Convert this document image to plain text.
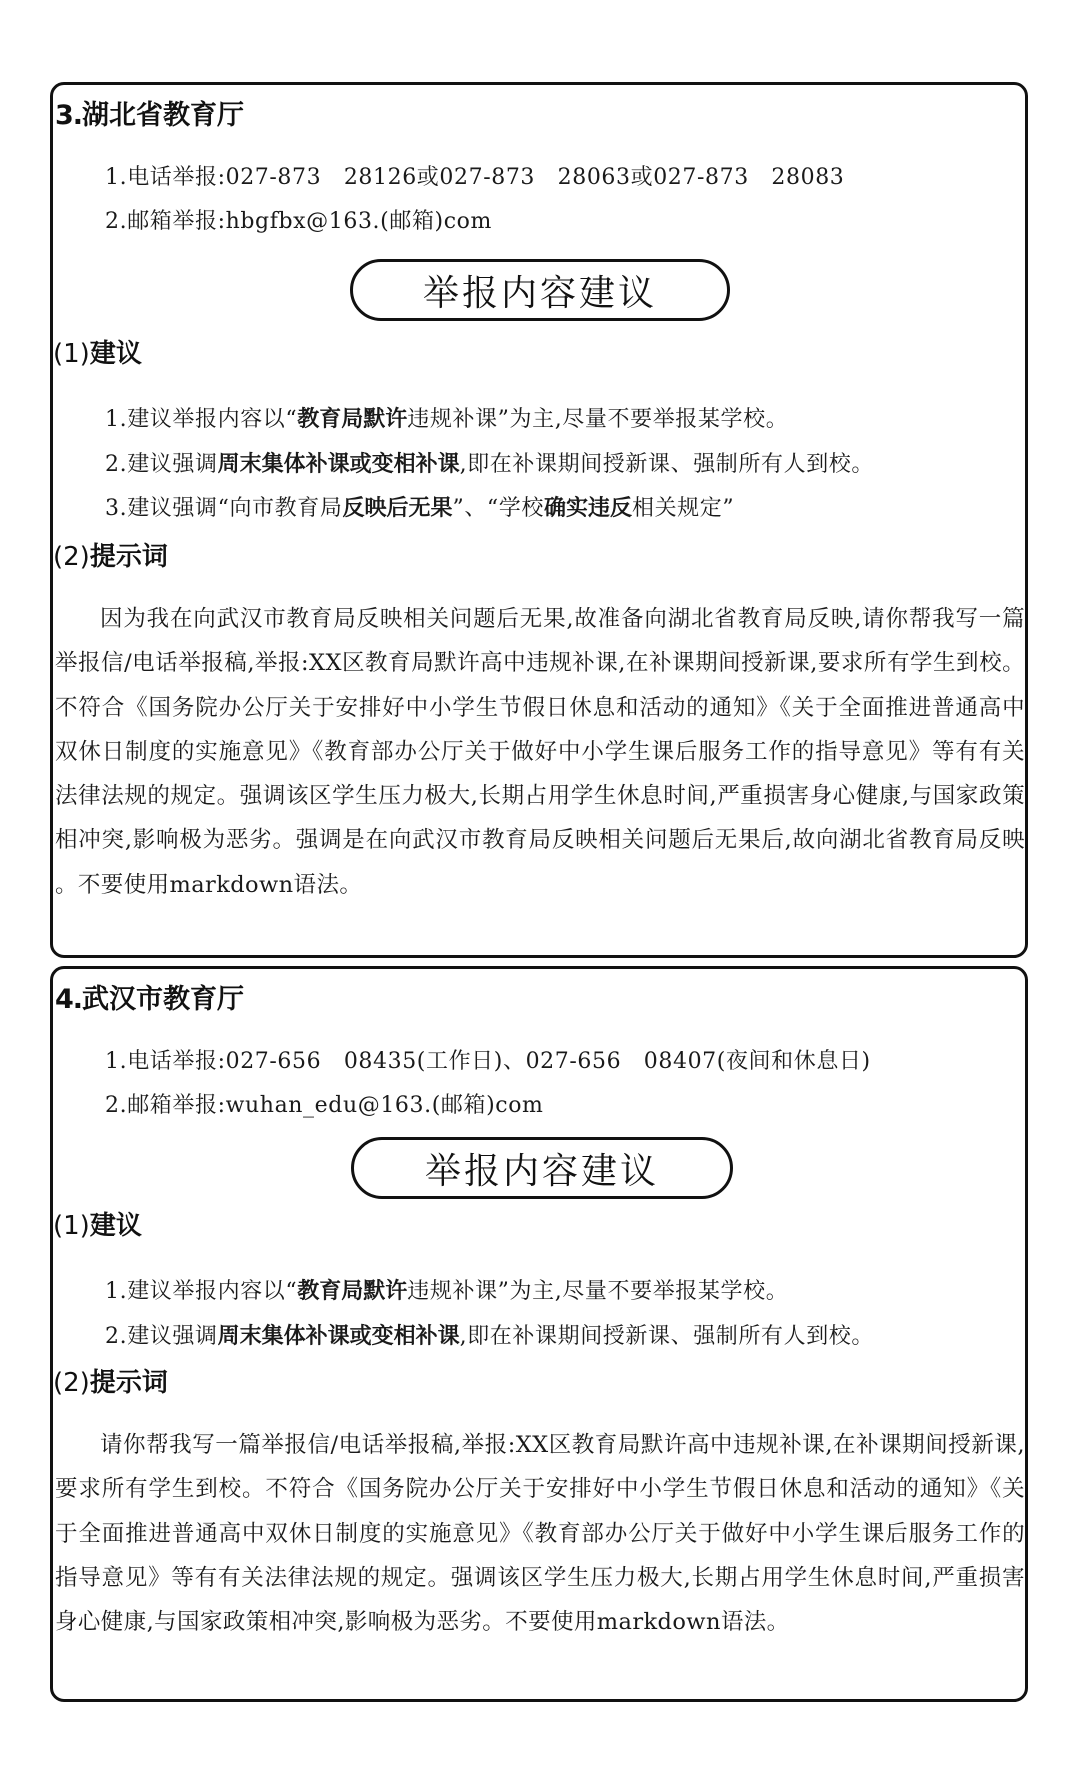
3.湖北省教育厅
1.电话举报:027-873　28126或027-873　28063或027-873　28083
2.邮箱举报:hbgfbx@163.(邮箱)com
举报内容建议
(1)建议
1.建议举报内容以“教育局默许违规补课”为主,尽量不要举报某学校。
2.建议强调周末集体补课或变相补课,即在补课期间授新课、强制所有人到校。
3.建议强调“向市教育局反映后无果”、“学校确实违反相关规定”
(2)提示词
因为我在向武汉市教育局反映相关问题后无果,故准备向湖北省教育局反映,请你帮我写一篇举报信/电话举报稿,举报:XX区教育局默许高中违规补课,在补课期间授新课,要求所有学生到校。不符合《国务院办公厅关于安排好中小学生节假日休息和活动的通知》《关于全面推进普通高中双休日制度的实施意见》《教育部办公厅关于做好中小学生课后服务工作的指导意见》等有有关法律法规的规定。强调该区学生压力极大,长期占用学生休息时间,严重损害身心健康,与国家政策相冲突,影响极为恶劣。强调是在向武汉市教育局反映相关问题后无果后,故向湖北省教育局反映 。不要使用markdown语法。
4.武汉市教育厅
1.电话举报:027-656　08435(工作日)、027-656　08407(夜间和休息日)
2.邮箱举报:wuhan_edu@163.(邮箱)com
举报内容建议
(1)建议
1.建议举报内容以“教育局默许违规补课”为主,尽量不要举报某学校。
2.建议强调周末集体补课或变相补课,即在补课期间授新课、强制所有人到校。
(2)提示词
请你帮我写一篇举报信/电话举报稿,举报:XX区教育局默许高中违规补课,在补课期间授新课,要求所有学生到校。不符合《国务院办公厅关于安排好中小学生节假日休息和活动的通知》《关于全面推进普通高中双休日制度的实施意见》《教育部办公厅关于做好中小学生课后服务工作的指导意见》等有有关法律法规的规定。强调该区学生压力极大,长期占用学生休息时间,严重损害身心健康,与国家政策相冲突,影响极为恶劣。不要使用markdown语法。
